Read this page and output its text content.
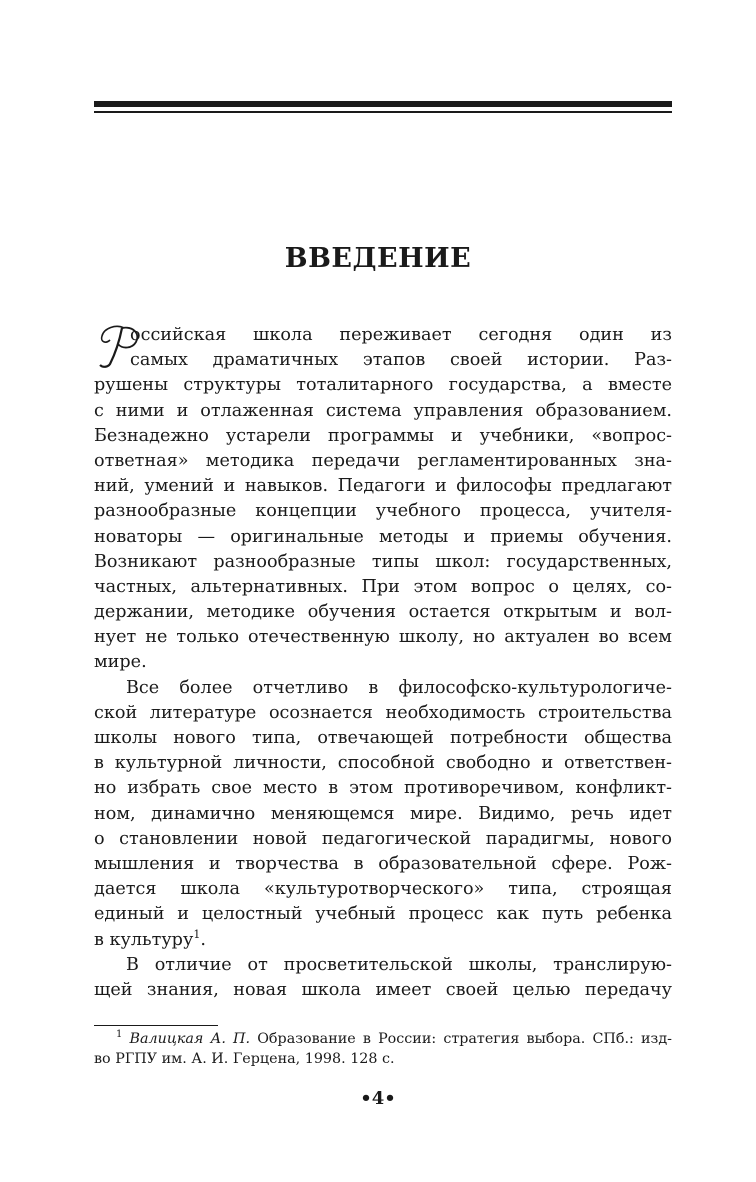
ВВЕДЕНИЕ
оссийская школа переживает сегодня один из
самых драматичных этапов своей истории. Раз-
рушены структуры тоталитарного государства, а вместе
с ними и отлаженная система управления образованием.
Безнадежно устарели программы и учебники, «вопрос-
ответная» методика передачи регламентированных зна-
ний, умений и навыков. Педагоги и философы предлагают
разнообразные концепции учебного процесса, учителя-
новаторы — оригинальные методы и приемы обучения.
Возникают разнообразные типы школ: государственных,
частных, альтернативных. При этом вопрос о целях, со-
держании, методике обучения остается открытым и вол-
нует не только отечественную школу, но актуален во всем
мире.
Все более отчетливо в философско-культурологиче-
ской литературе осознается необходимость строительства
школы нового типа, отвечающей потребности общества
в культурной личности, способной свободно и ответствен-
но избрать свое место в этом противоречивом, конфликт-
ном, динамично меняющемся мире. Видимо, речь идет
о становлении новой педагогической парадигмы, нового
мышления и творчества в образовательной сфере. Рож-
дается школа «культуротворческого» типа, строящая
единый и целостный учебный процесс как путь ребенка
в культуру$^1$.
В отличие от просветительской школы, транслирую-
щей знания, новая школа имеет своей целью передачу
$^1$ Валицкая А. П. Образование в России: стратегия выбора. СПб.: изд-
во РГПУ им. А. И. Герцена, 1998. 128 с.
•4•
